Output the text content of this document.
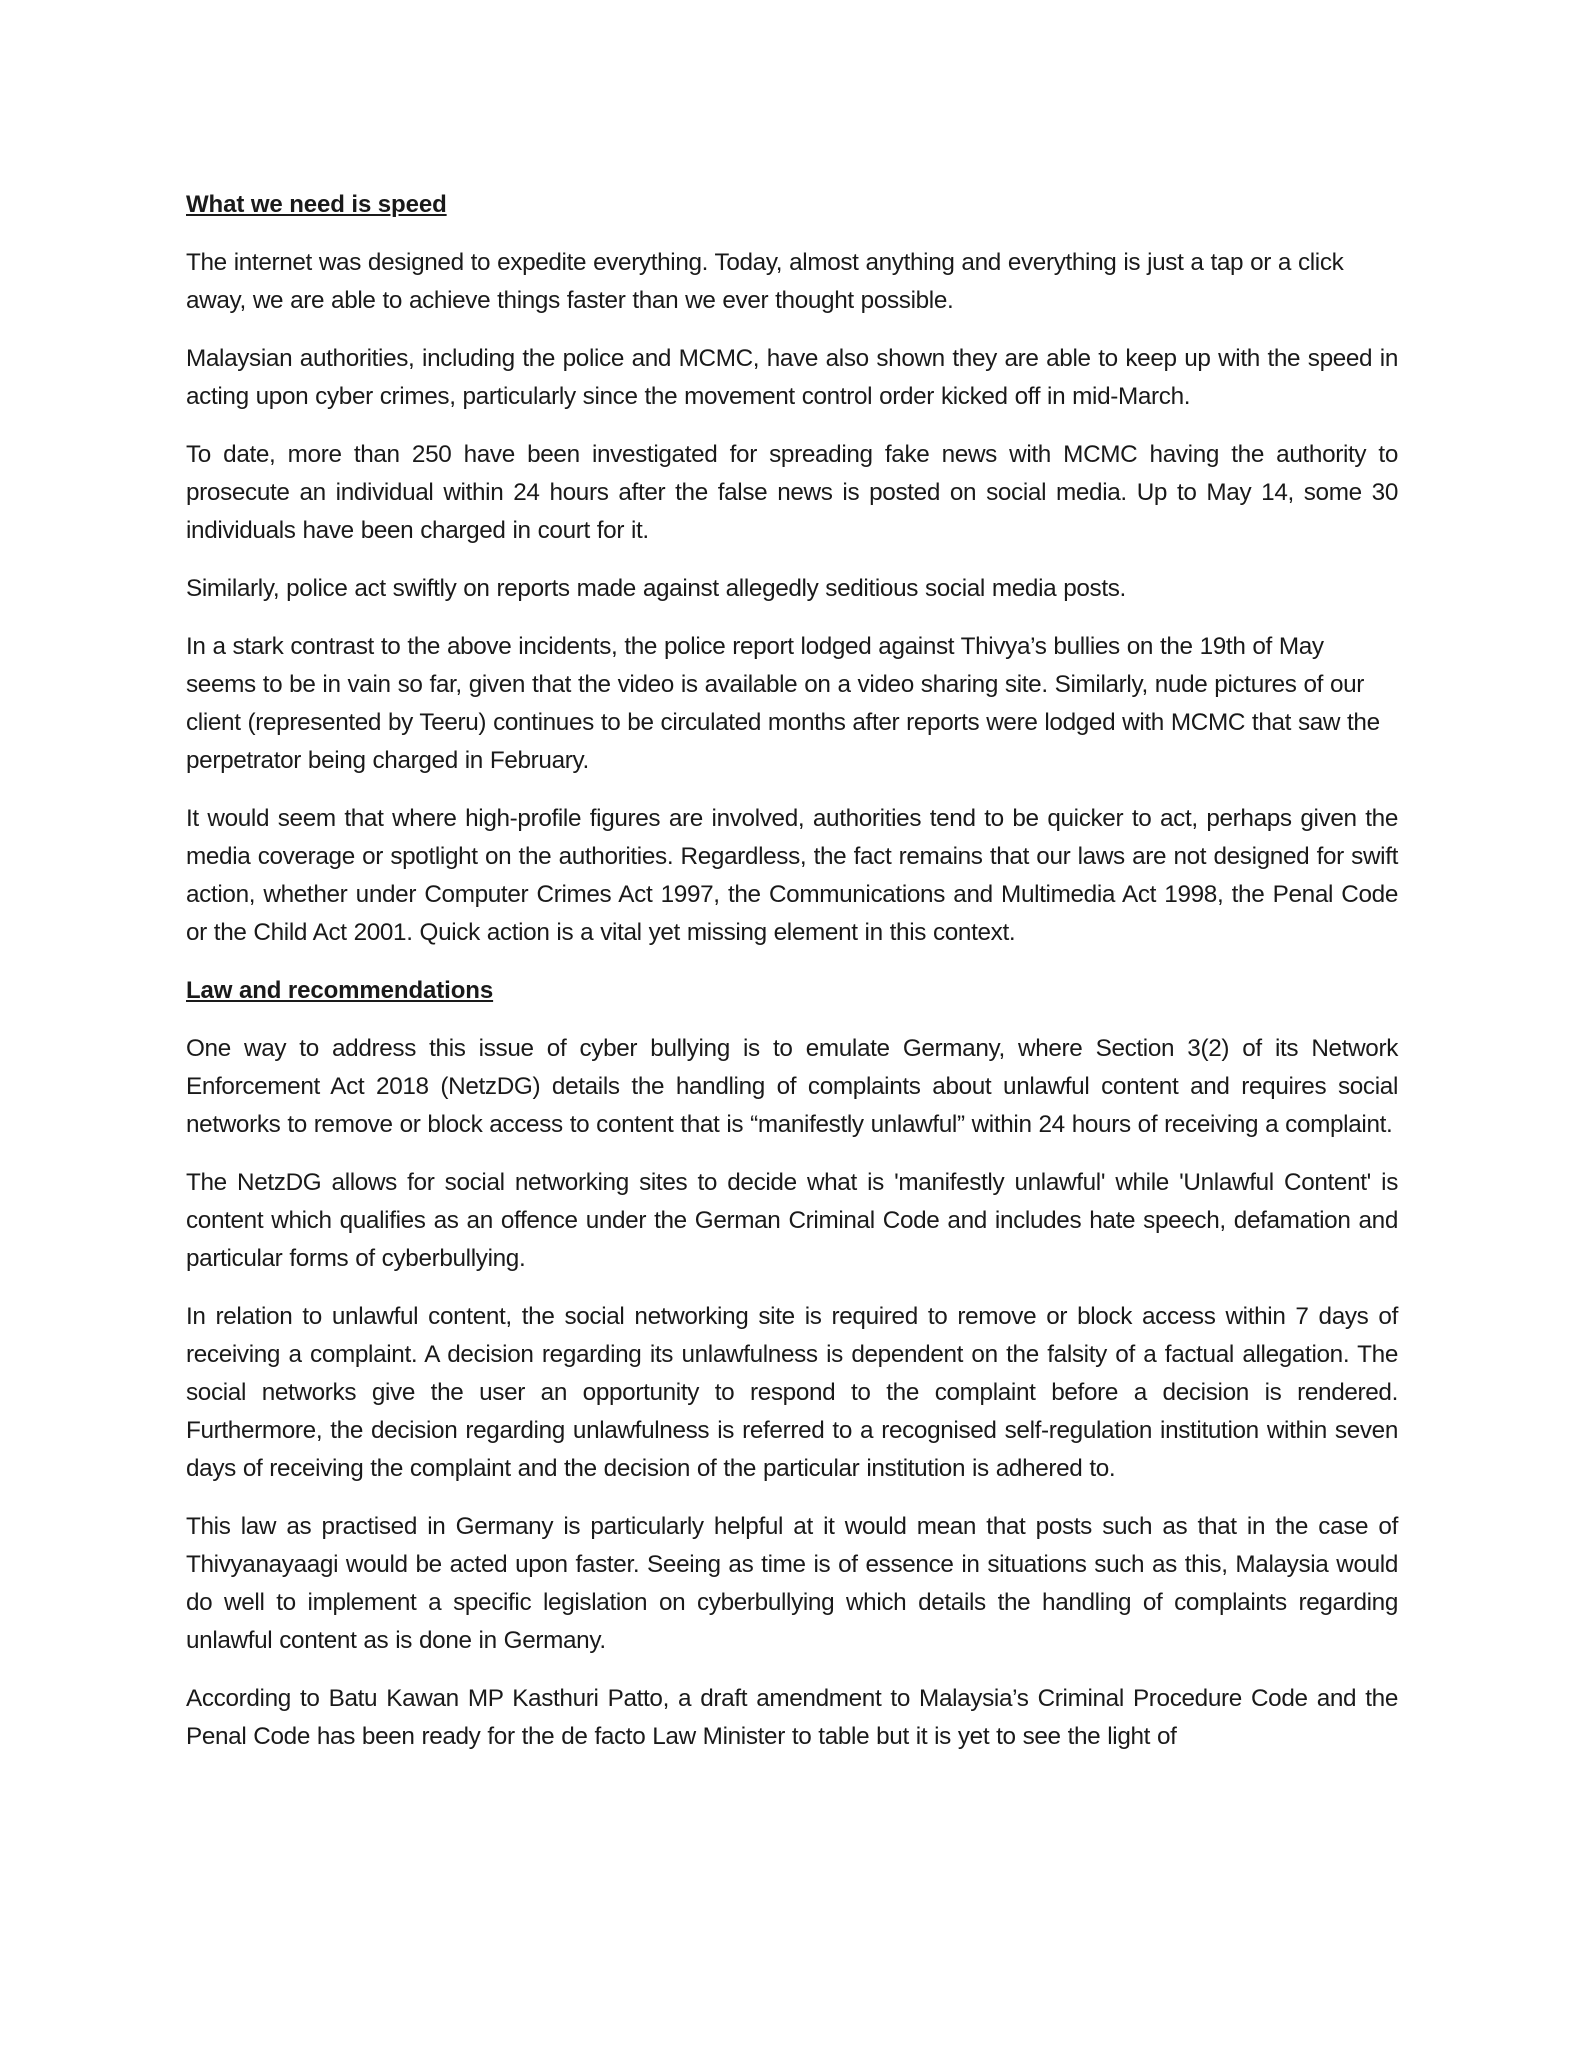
What we need is speed

The internet was designed to expedite everything. Today, almost anything and everything is just a tap or a click away, we are able to achieve things faster than we ever thought possible.

Malaysian authorities, including the police and MCMC, have also shown they are able to keep up with the speed in acting upon cyber crimes, particularly since the movement control order kicked off in mid-March.

To date, more than 250 have been investigated for spreading fake news with MCMC having the authority to prosecute an individual within 24 hours after the false news is posted on social media. Up to May 14, some 30 individuals have been charged in court for it.

Similarly, police act swiftly on reports made against allegedly seditious social media posts.

In a stark contrast to the above incidents, the police report lodged against Thivya’s bullies on the 19th of May seems to be in vain so far, given that the video is available on a video sharing site. Similarly, nude pictures of our client (represented by Teeru) continues to be circulated months after reports were lodged with MCMC that saw the perpetrator being charged in February.

It would seem that where high-profile figures are involved, authorities tend to be quicker to act, perhaps given the media coverage or spotlight on the authorities. Regardless, the fact remains that our laws are not designed for swift action, whether under Computer Crimes Act 1997, the Communications and Multimedia Act 1998, the Penal Code or the Child Act 2001. Quick action is a vital yet missing element in this context.

Law and recommendations

One way to address this issue of cyber bullying is to emulate Germany, where Section 3(2) of its Network Enforcement Act 2018 (NetzDG) details the handling of complaints about unlawful content and requires social networks to remove or block access to content that is “manifestly unlawful” within 24 hours of receiving a complaint.

The NetzDG allows for social networking sites to decide what is 'manifestly unlawful' while 'Unlawful Content' is content which qualifies as an offence under the German Criminal Code and includes hate speech, defamation and particular forms of cyberbullying.

In relation to unlawful content, the social networking site is required to remove or block access within 7 days of receiving a complaint. A decision regarding its unlawfulness is dependent on the falsity of a factual allegation. The social networks give the user an opportunity to respond to the complaint before a decision is rendered. Furthermore, the decision regarding unlawfulness is referred to a recognised self-regulation institution within seven days of receiving the complaint and the decision of the particular institution is adhered to.

This law as practised in Germany is particularly helpful at it would mean that posts such as that in the case of Thivyanayaagi would be acted upon faster. Seeing as time is of essence in situations such as this, Malaysia would do well to implement a specific legislation on cyberbullying which details the handling of complaints regarding unlawful content as is done in Germany.

According to Batu Kawan MP Kasthuri Patto, a draft amendment to Malaysia’s Criminal Procedure Code and the Penal Code has been ready for the de facto Law Minister to table but it is yet to see the light of
